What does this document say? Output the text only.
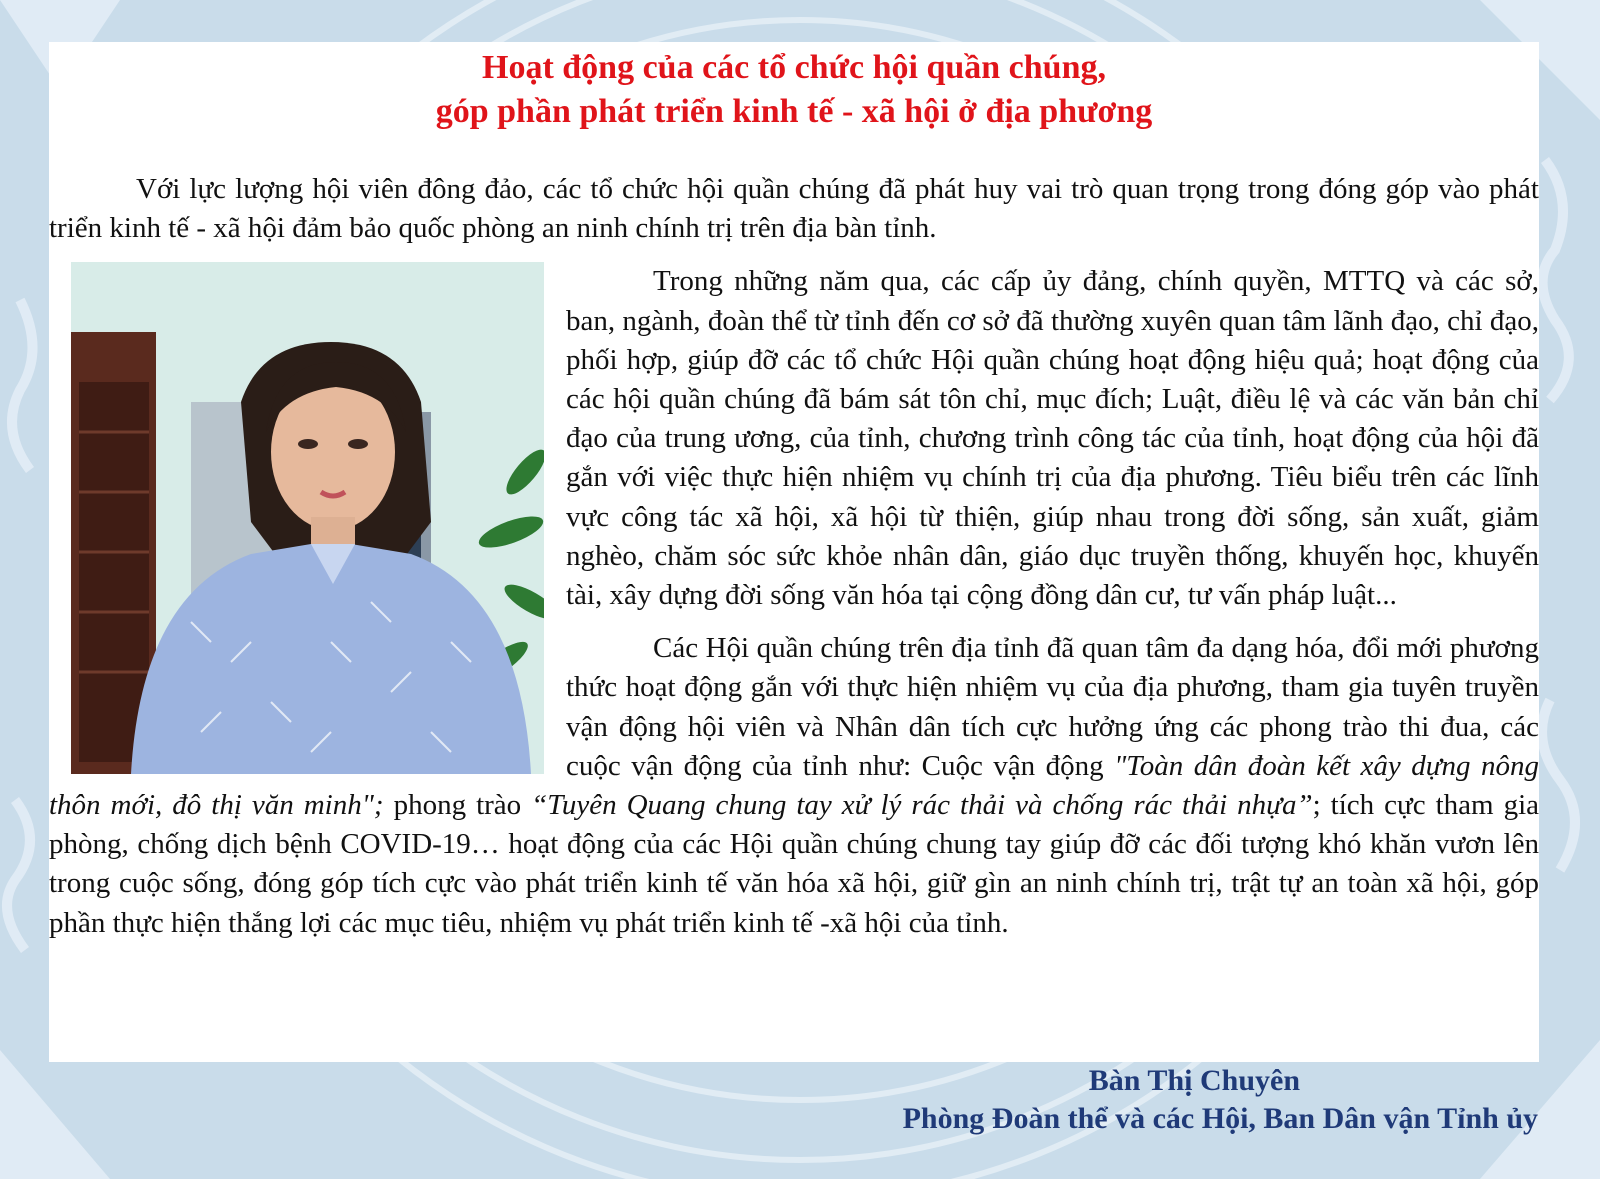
Hoạt động của các tổ chức hội quần chúng,
góp phần phát triển kinh tế - xã hội ở địa phương

Với lực lượng hội viên đông đảo, các tổ chức hội quần chúng đã phát huy vai trò quan trọng trong đóng góp vào phát triển kinh tế - xã hội đảm bảo quốc phòng an ninh chính trị trên địa bàn tỉnh.

Trong những năm qua, các cấp ủy đảng, chính quyền, MTTQ và các sở, ban, ngành, đoàn thể từ tỉnh đến cơ sở đã thường xuyên quan tâm lãnh đạo, chỉ đạo, phối hợp, giúp đỡ các tổ chức Hội quần chúng hoạt động hiệu quả; hoạt động của các hội quần chúng đã bám sát tôn chỉ, mục đích; Luật, điều lệ và các văn bản chỉ đạo của trung ương, của tỉnh, chương trình công tác của tỉnh, hoạt động của hội đã gắn với việc thực hiện nhiệm vụ chính trị của địa phương. Tiêu biểu trên các lĩnh vực công tác xã hội, xã hội từ thiện, giúp nhau trong đời sống, sản xuất, giảm nghèo, chăm sóc sức khỏe nhân dân, giáo dục truyền thống, khuyến học, khuyến tài, xây dựng đời sống văn hóa tại cộng đồng dân cư, tư vấn pháp luật...

Các Hội quần chúng trên địa tỉnh đã quan tâm đa dạng hóa, đổi mới phương thức hoạt động gắn với thực hiện nhiệm vụ của địa phương, tham gia tuyên truyền vận động hội viên và Nhân dân tích cực hưởng ứng các phong trào thi đua, các cuộc vận động của tỉnh như: Cuộc vận động "Toàn dân đoàn kết xây dựng nông thôn mới, đô thị văn minh"; phong trào “Tuyên Quang chung tay xử lý rác thải và chống rác thải nhựa”; tích cực tham gia phòng, chống dịch bệnh COVID-19… hoạt động của các Hội quần chúng chung tay giúp đỡ các đối tượng khó khăn vươn lên trong cuộc sống, đóng góp tích cực vào phát triển kinh tế văn hóa xã hội, giữ gìn an ninh chính trị, trật tự an toàn xã hội, góp phần thực hiện thắng lợi các mục tiêu, nhiệm vụ phát triển kinh tế -xã hội của tỉnh.

Bàn Thị Chuyên
Phòng Đoàn thể và các Hội, Ban Dân vận Tỉnh ủy
